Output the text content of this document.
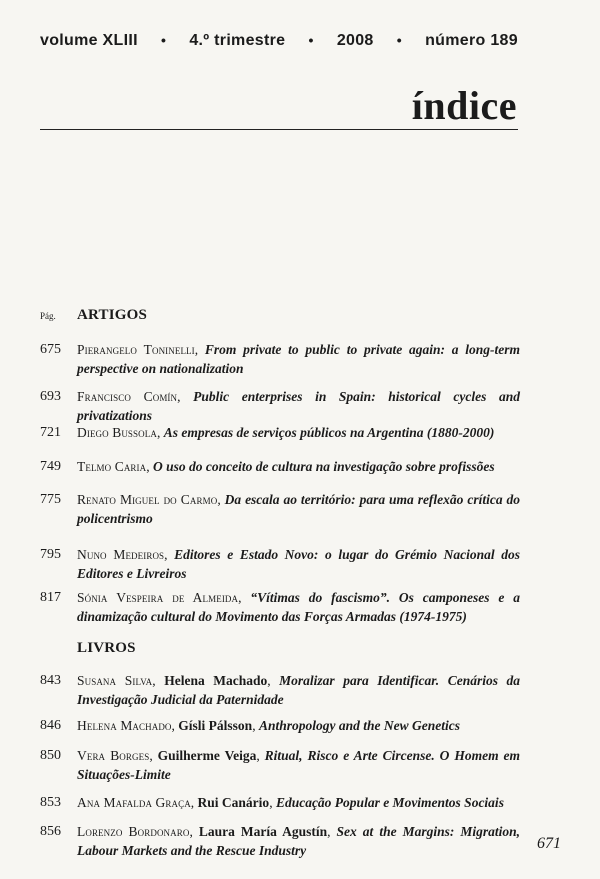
volume XLIII • 4.º trimestre • 2008 • número 189
índice
Pág. ARTIGOS
675	Pierangelo Toninelli, From private to public to private again: a long-term perspective on nationalization
693	Francisco Comín, Public enterprises in Spain: historical cycles and privatizations
721	Diego Bussola, As empresas de serviços públicos na Argentina (1880-2000)
749	Telmo Caria, O uso do conceito de cultura na investigação sobre profissões
775	Renato Miguel do Carmo, Da escala ao território: para uma reflexão crítica do policentrismo
795	Nuno Medeiros, Editores e Estado Novo: o lugar do Grémio Nacional dos Editores e Livreiros
817	Sónia Vespeira de Almeida, “Vítimas do fascismo”. Os camponeses e a dinamização cultural do Movimento das Forças Armadas (1974-1975)
LIVROS
843	Susana Silva, Helena Machado, Moralizar para Identificar. Cenários da Investigação Judicial da Paternidade
846	Helena Machado, Gísli Pálsson, Anthropology and the New Genetics
850	Vera Borges, Guilherme Veiga, Ritual, Risco e Arte Circense. O Homem em Situações-Limite
853	Ana Mafalda Graça, Rui Canário, Educação Popular e Movimentos Sociais
856	Lorenzo Bordonaro, Laura María Agustín, Sex at the Margins: Migration, Labour Markets and the Rescue Industry	671
